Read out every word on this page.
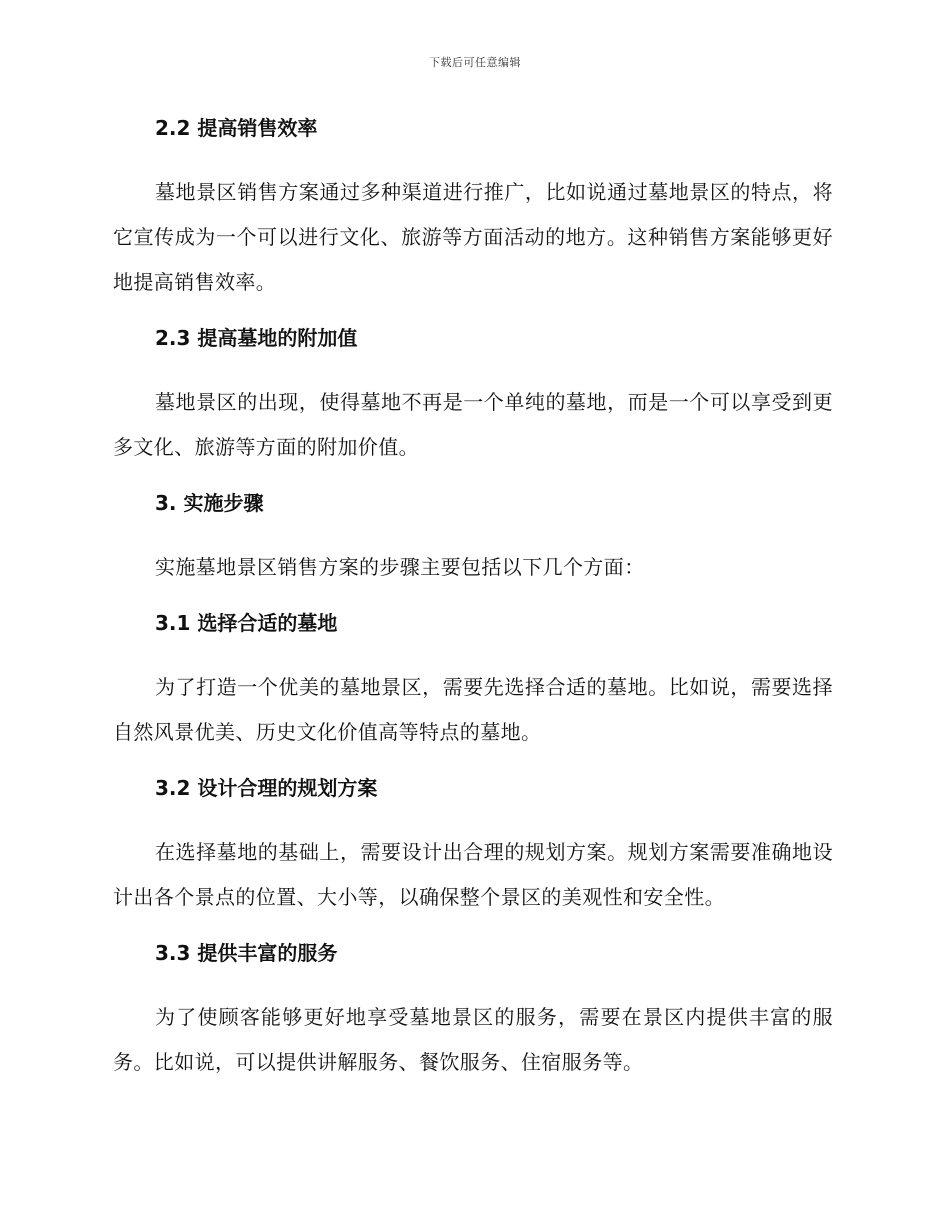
下载后可任意编辑
2.2 提高销售效率

墓地景区销售方案通过多种渠道进行推广，比如说通过墓地景区的特点，将它宣传成为一个可以进行文化、旅游等方面活动的地方。这种销售方案能够更好地提高销售效率。

2.3 提高墓地的附加值

墓地景区的出现，使得墓地不再是一个单纯的墓地，而是一个可以享受到更多文化、旅游等方面的附加价值。

3. 实施步骤

实施墓地景区销售方案的步骤主要包括以下几个方面：

3.1 选择合适的墓地

为了打造一个优美的墓地景区，需要先选择合适的墓地。比如说，需要选择自然风景优美、历史文化价值高等特点的墓地。

3.2 设计合理的规划方案

在选择墓地的基础上，需要设计出合理的规划方案。规划方案需要准确地设计出各个景点的位置、大小等，以确保整个景区的美观性和安全性。

3.3 提供丰富的服务

为了使顾客能够更好地享受墓地景区的服务，需要在景区内提供丰富的服务。比如说，可以提供讲解服务、餐饮服务、住宿服务等。
